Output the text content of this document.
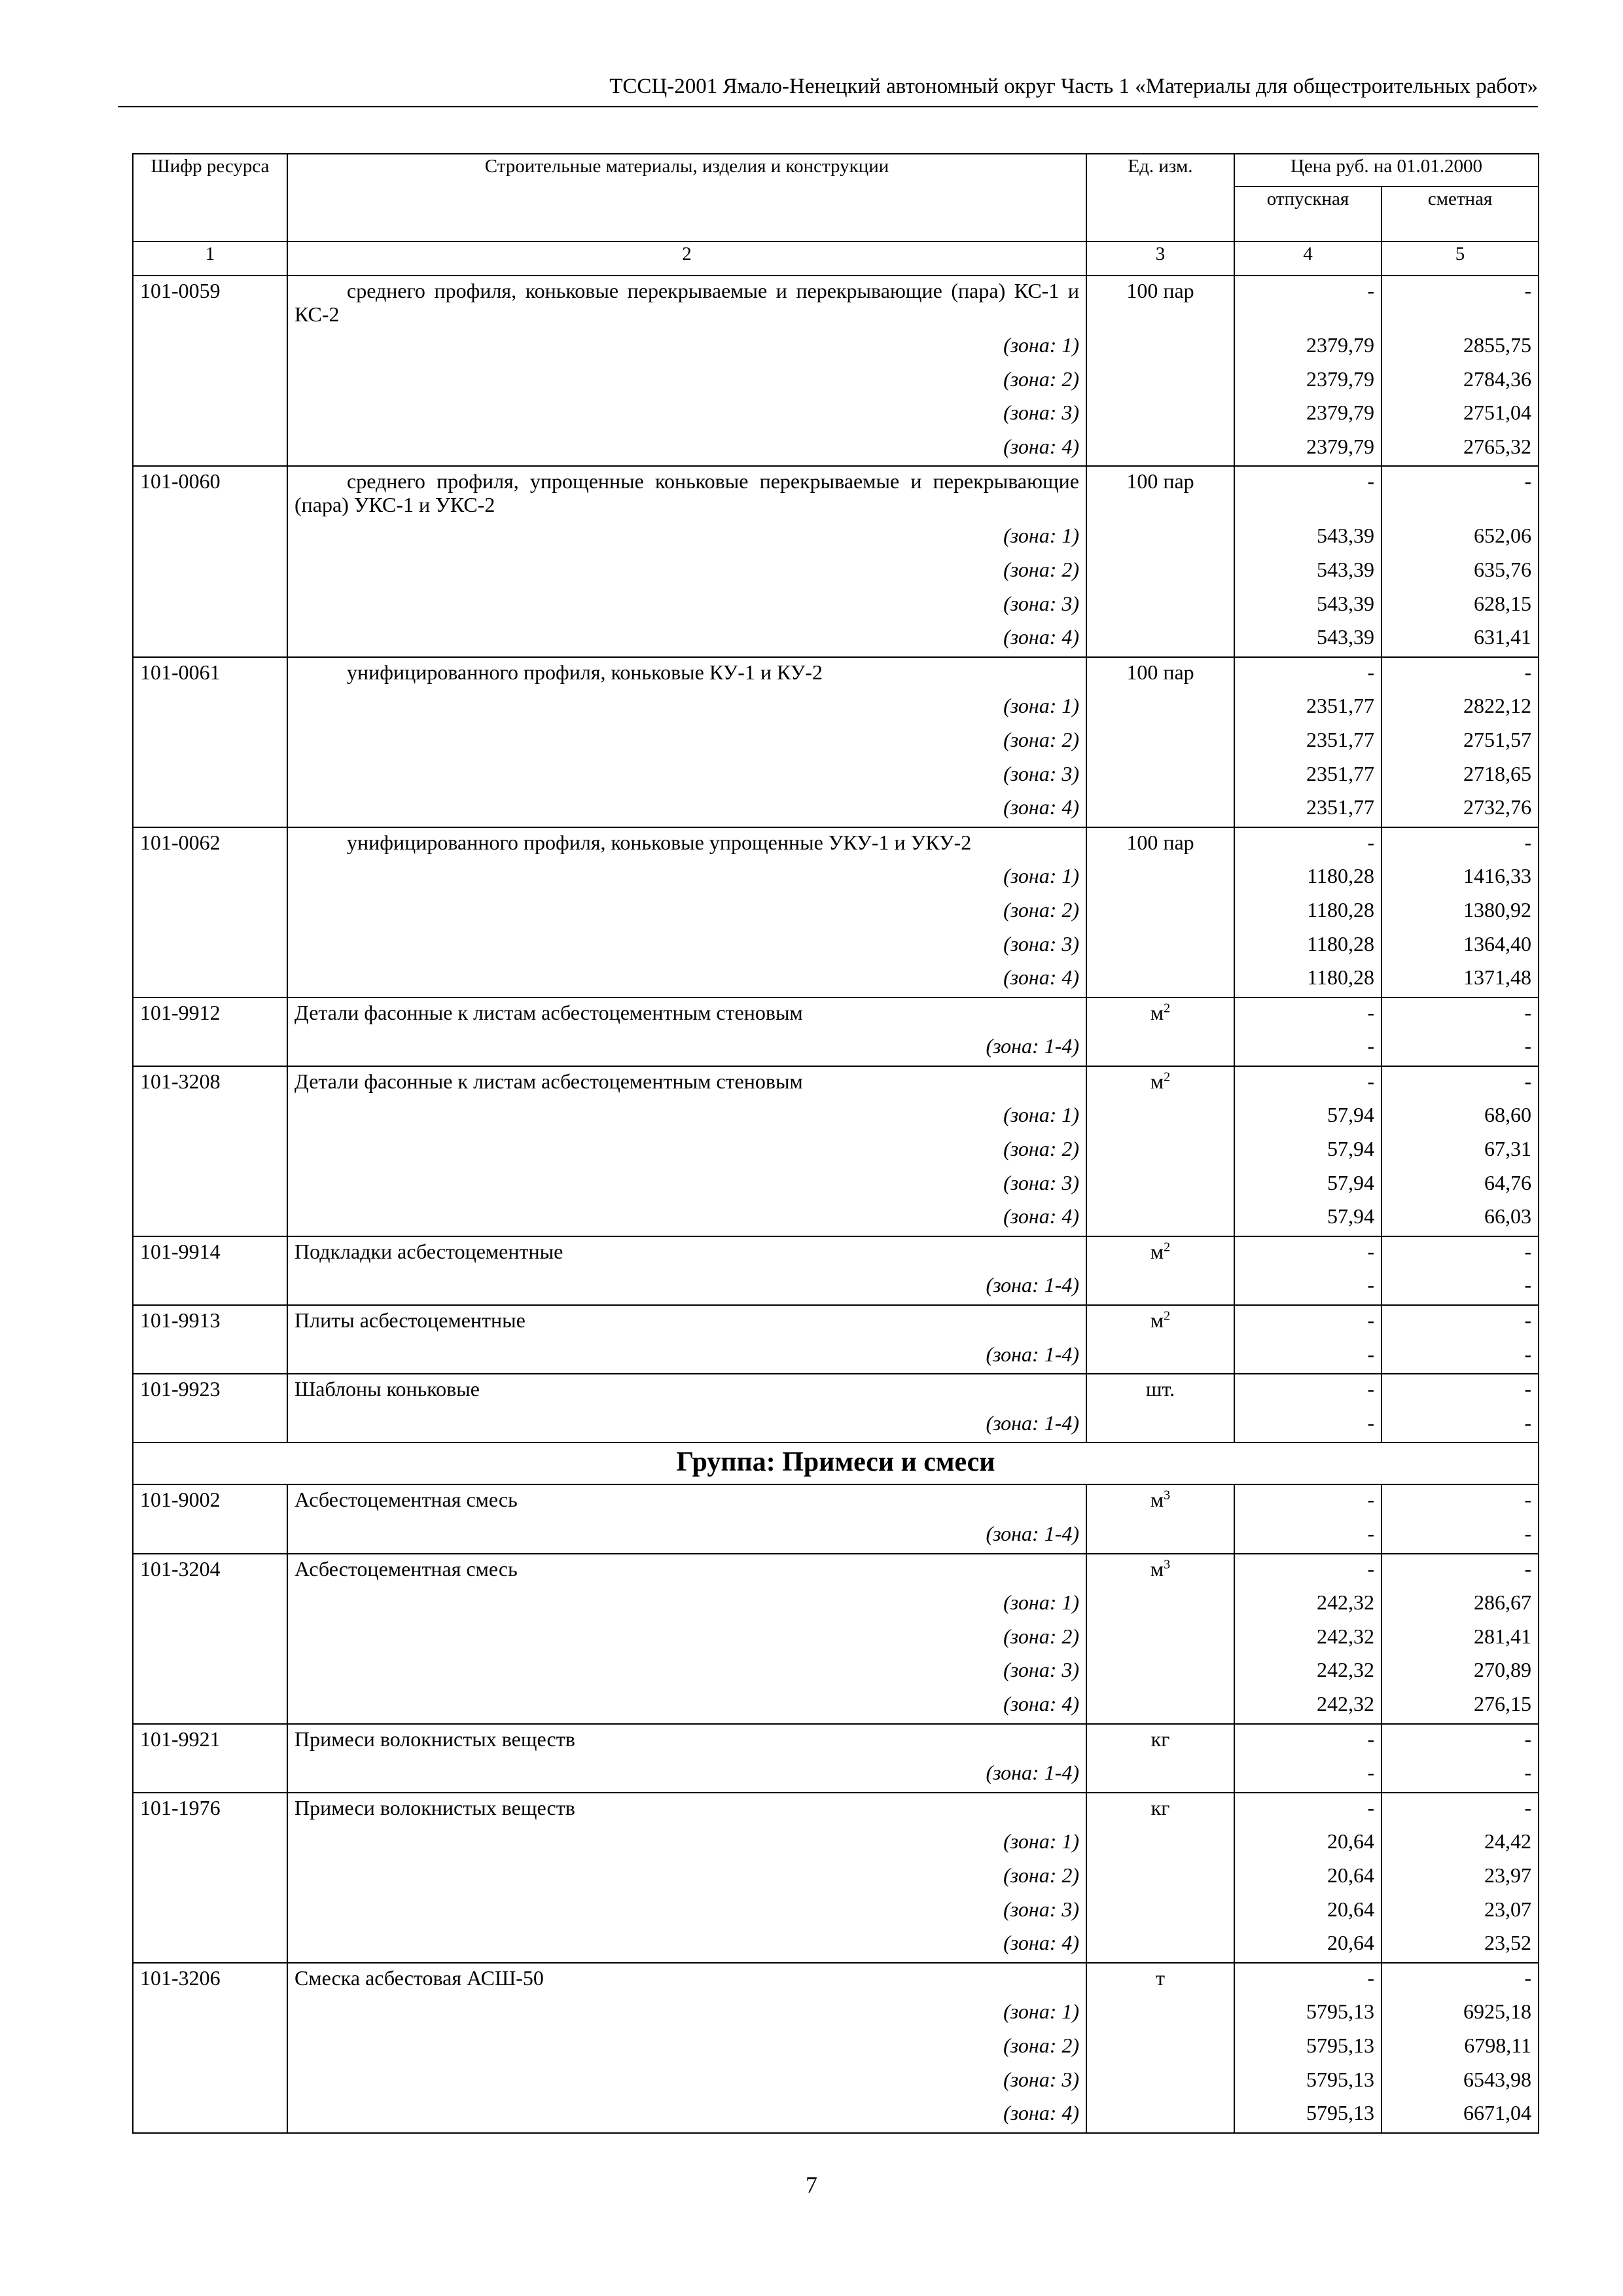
ТССЦ-2001 Ямало-Ненецкий автономный округ Часть 1 «Материалы для общестроительных работ»
Шифр ресурса	Строительные материалы, изделия и конструкции	Ед. изм.	Цена руб. на 01.01.2000	
			отпускная	сметная
1	2	3	4	5
101-0059	среднего профиля, коньковые перекрываемые и перекрывающие (пара) КС-1 и КС-2	100 пар	-	-
	(зона: 1)		2379,79	2855,75
	(зона: 2)		2379,79	2784,36
	(зона: 3)		2379,79	2751,04
	(зона: 4)		2379,79	2765,32
101-0060	среднего профиля, упрощенные коньковые перекрываемые и перекрывающие (пара) УКС-1 и УКС-2	100 пар	-	-
	(зона: 1)		543,39	652,06
	(зона: 2)		543,39	635,76
	(зона: 3)		543,39	628,15
	(зона: 4)		543,39	631,41
101-0061	унифицированного профиля, коньковые КУ-1 и КУ-2	100 пар	-	-
	(зона: 1)		2351,77	2822,12
	(зона: 2)		2351,77	2751,57
	(зона: 3)		2351,77	2718,65
	(зона: 4)		2351,77	2732,76
101-0062	унифицированного профиля, коньковые упрощенные УКУ-1 и УКУ-2	100 пар	-	-
	(зона: 1)		1180,28	1416,33
	(зона: 2)		1180,28	1380,92
	(зона: 3)		1180,28	1364,40
	(зона: 4)		1180,28	1371,48
101-9912	Детали фасонные к листам асбестоцементным стеновым	$м^2$	-	-
	(зона: 1-4)		-	-
101-3208	Детали фасонные к листам асбестоцементным стеновым	$м^2$	-	-
	(зона: 1)		57,94	68,60
	(зона: 2)		57,94	67,31
	(зона: 3)		57,94	64,76
	(зона: 4)		57,94	66,03
101-9914	Подкладки асбестоцементные	$м^2$	-	-
	(зона: 1-4)		-	-
101-9913	Плиты асбестоцементные	$м^2$	-	-
	(зона: 1-4)		-	-
101-9923	Шаблоны коньковые	шт.	-	-
	(зона: 1-4)		-	-
Группа: Примеси и смеси				
101-9002	Асбестоцементная смесь	$м^3$	-	-
	(зона: 1-4)		-	-
101-3204	Асбестоцементная смесь	$м^3$	-	-
	(зона: 1)		242,32	286,67
	(зона: 2)		242,32	281,41
	(зона: 3)		242,32	270,89
	(зона: 4)		242,32	276,15
101-9921	Примеси волокнистых веществ	кг	-	-
	(зона: 1-4)		-	-
101-1976	Примеси волокнистых веществ	кг	-	-
	(зона: 1)		20,64	24,42
	(зона: 2)		20,64	23,97
	(зона: 3)		20,64	23,07
	(зона: 4)		20,64	23,52
101-3206	Смеска асбестовая АСШ-50	т	-	-
	(зона: 1)		5795,13	6925,18
	(зона: 2)		5795,13	6798,11
	(зона: 3)		5795,13	6543,98
	(зона: 4)		5795,13	6671,04
7
